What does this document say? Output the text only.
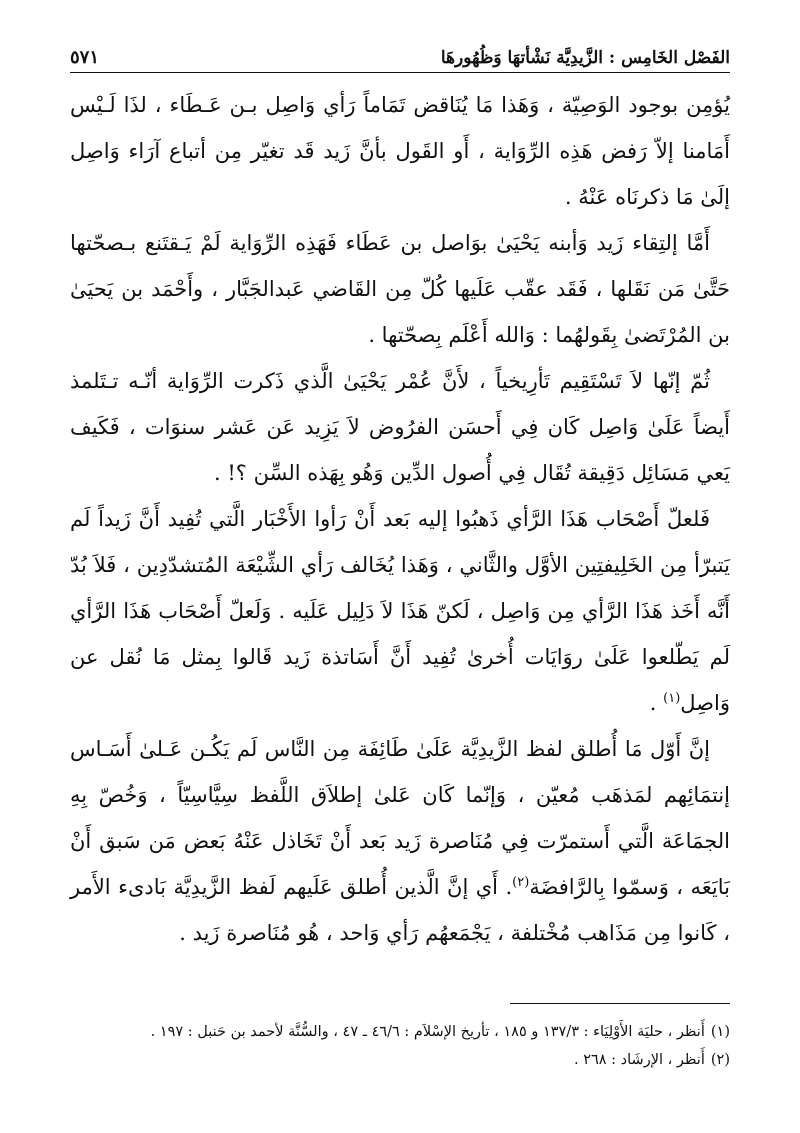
الفَصْل الخَامِس : الزَّيدِيَّة نَشْأتهَا وَظُهُورهَا
٥٧١

يُؤمِن بوجود الوَصِيّة ، وَهَذا مَا يُنَاقض تَمَاماً رَأي وَاصِل بـن عَـطَاء ، لذَا لَـيْس أَمَامنا إلاّ رَفض هَذِه الرِّوَاية ، أَو القَول بأنَّ زَيد قَد تغيّر مِن أتباع آرَاء وَاصِل إلَىٰ مَا ذكرنَاه عَنْهُ .

أَمَّا إلتِقاء زَيد وَأبنه يَحْيَىٰ بوَاصل بن عَطَاء فَهَذِه الرِّوَاية لَمْ يَـقتَنع بـصحّتها حَتَّىٰ مَن نَقَلها ، فَقَد عقّب عَلَيها كُلّ مِن القَاضي عَبدالجَبَّار ، وأَحْمَد بن يَحيَىٰ بن المُرْتَضىٰ بِقَولهُما : وَالله أَعْلَم بِصحّتها .

ثُمّ إنّها لاَ تَسْتَقِيم تَأرِيخياً ، لأَنَّ عُمْر يَحْيَىٰ الَّذي ذَكرت الرِّوَاية أنّـه تـتَلمذ أَيضاً عَلَىٰ وَاصِل كَان فِي أَحسَن الفرُوض لاَ يَزِيد عَن عَشر سنوَات ، فَكَيف يَعي مَسَائِل دَقِيقة تُقَال فِي أُصول الدِّين وَهُو بِهَذه السِّن ؟! .

فَلعلّ أَصْحَاب هَذَا الرَّأي ذَهبُوا إليه بَعد أَنْ رَأوا الأَخْبَار الَّتي تُفِيد أَنَّ زَيداً لَم يَتبرّأ مِن الخَلِيفتِين الأوَّل والثَّاني ، وَهَذا يُخَالف رَأي الشِّيْعَة المُتشدّدِين ، فَلاَ بُدّ أَنَّه أَخَذ هَذَا الرَّأي مِن وَاصِل ، لَكنّ هَذَا لاَ دَلِيل عَلَيه . وَلَعلّ أَصْحَاب هَذَا الرَّأي لَم يَطّلعوا عَلَىٰ روَايَات أُخرىٰ تُفِيد أَنَّ أَسَاتذة زَيد قَالوا بِمثل مَا نُقل عن وَاصِل$^{(١)}$ .

إنَّ أَوّل مَا أُطلق لفظ الزَّيدِيَّة عَلَىٰ طَائِفَة مِن النَّاس لَم يَكُـن عَـلىٰ أَسَـاس إنتمَائِهم لمَذهَب مُعيّن ، وَإنّما كَان عَلىٰ إطلاَق اللَّفظ سِيَّاسِيّاً ، وَخُصّ بِهِ الجمَاعَة الَّتي أَستمرّت فِي مُنَاصرة زَيد بَعد أَنْ تَخَاذل عَنْهُ بَعض مَن سَبق أَنْ بَايَعَه ، وَسمّوا بِالرَّافضَة$^{(٢)}$. أَي إنَّ الَّذين أُطلق عَلَيهم لَفظ الزَّيدِيَّة بَادىء الأَمر ، كَانوا مِن مَذَاهب مُخْتلفة ، يَجْمَعهُم رَأي وَاحد ، هُو مُنَاصرة زَيد .

(١)أَنظر ، حليَة الأَوْلِيَاء : ١٣٧/٣ و ١٨٥ ، تأريخ الإسْلاَم : ٤٦/٦ ـ ٤٧ ، والسُّنَّة لأحمد بن حَنبل : ١٩٧ .

(٢)أَنظر ، الإرشَاد : ٢٦٨ .
